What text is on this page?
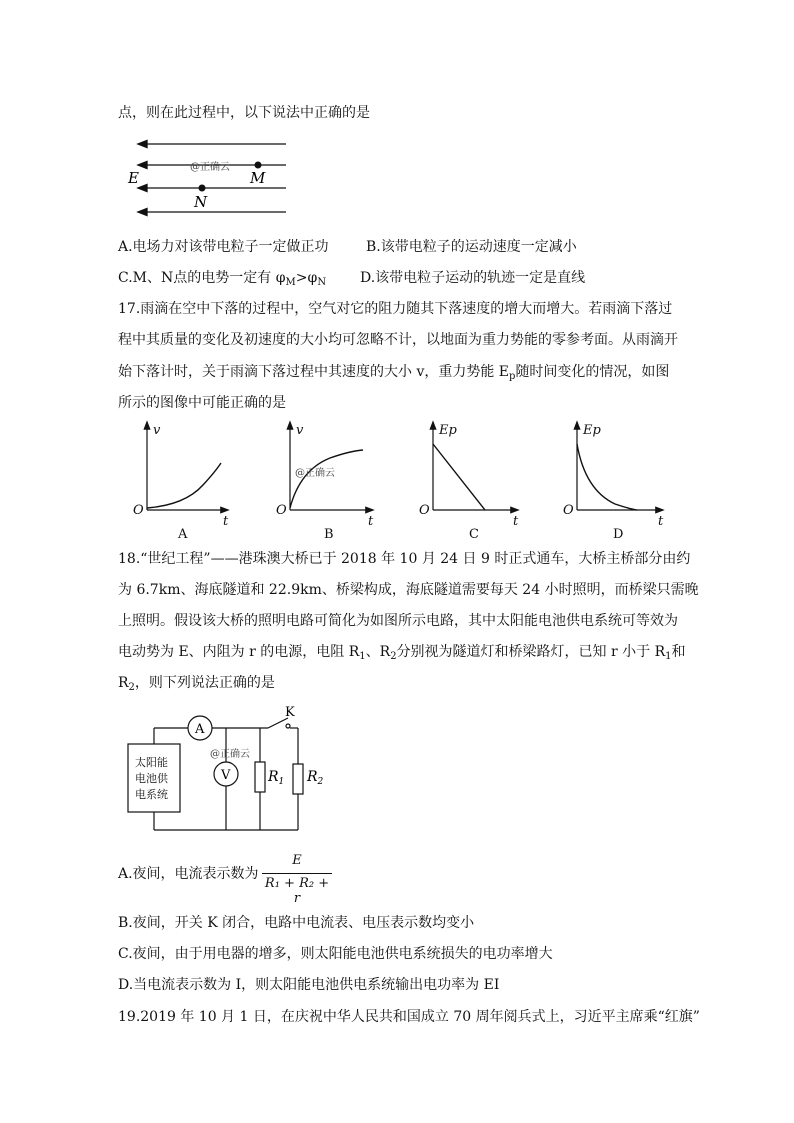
点，则在此过程中，以下说法中正确的是
E	M
N
@正确云
A.电场力对该带电粒子一定做正功	B.该带电粒子的运动速度一定减小
C.M、N点的电势一定有 $\varphi_M>\varphi_N$ D.该带电粒子运动的轨迹一定是直线
17.雨滴在空中下落的过程中，空气对它的阻力随其下落速度的增大而增大。若雨滴下落过
程中其质量的变化及初速度的大小均可忽略不计，以地面为重力势能的零参考面。从雨滴开
始下落计时，关于雨滴下落过程中其速度的大小 v，重力势能 $E_p$随时间变化的情况，如图
所示的图像中可能正确的是
v
t
O
A
v
t
O
B
@正确云
Ep
t
O
C
Ep
t
O
D
18.“世纪工程”——港珠澳大桥已于 2018 年 10 月 24 日 9 时正式通车，大桥主桥部分由约
为 6.7km、海底隧道和 22.9km、桥梁构成，海底隧道需要每天 24 小时照明，而桥梁只需晚
上照明。假设该大桥的照明电路可简化为如图所示电路，其中太阳能电池供电系统可等效为
电动势为 E、内阻为 r 的电源，电阻 $R_1$、$R_2$分别视为隧道灯和桥梁路灯，已知 r 小于 $R_1$和
$R_2$，则下列说法正确的是
A
V
K
$R_1$ $R_2$
@正确云
太阳能
电池供
电系统
A.夜间，电流表示数为
E
R₁ + R₂ + r
B.夜间，开关 K 闭合，电路中电流表、电压表示数均变小
C.夜间，由于用电器的增多，则太阳能电池供电系统损失的电功率增大
D.当电流表示数为 I，则太阳能电池供电系统输出电功率为 EI
19.2019 年 10 月 1 日，在庆祝中华人民共和国成立 70 周年阅兵式上，习近平主席乘“红旗”
